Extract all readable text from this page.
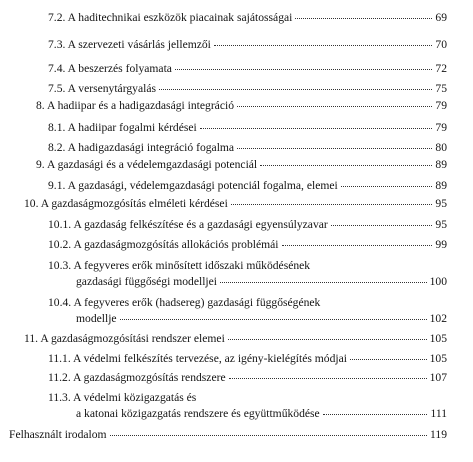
7.2. A haditechnikai eszközök piacainak sajátosságai	69
7.3. A szervezeti vásárlás jellemzői	70
7.4. A beszerzés folyamata	72
7.5. A versenytárgyalás	75
8. A hadiipar és a hadigazdasági integráció	79
8.1. A hadiipar fogalmi kérdései	79
8.2. A hadigazdasági integráció fogalma	80
9. A gazdasági és a védelemgazdasági potenciál	89
9.1. A gazdasági, védelemgazdasági potenciál fogalma, elemei	89
10. A gazdaságmozgósítás elméleti kérdései	95
10.1. A gazdaság felkészítése és a gazdasági egyensúlyzavar	95
10.2. A gazdaságmozgósítás allokációs problémái	99
10.3. A fegyveres erők minősített időszaki működésének
gazdasági függőségi modelljei	100
10.4. A fegyveres erők (hadsereg) gazdasági függőségének
modellje	102
11. A gazdaságmozgósítási rendszer elemei	105
11.1. A védelmi felkészítés tervezése, az igény-kielégítés módjai	105
11.2. A gazdaságmozgósítás rendszere	107
11.3. A védelmi közigazgatás és
a katonai közigazgatás rendszere és együttműködése	111
Felhasznált irodalom	119
